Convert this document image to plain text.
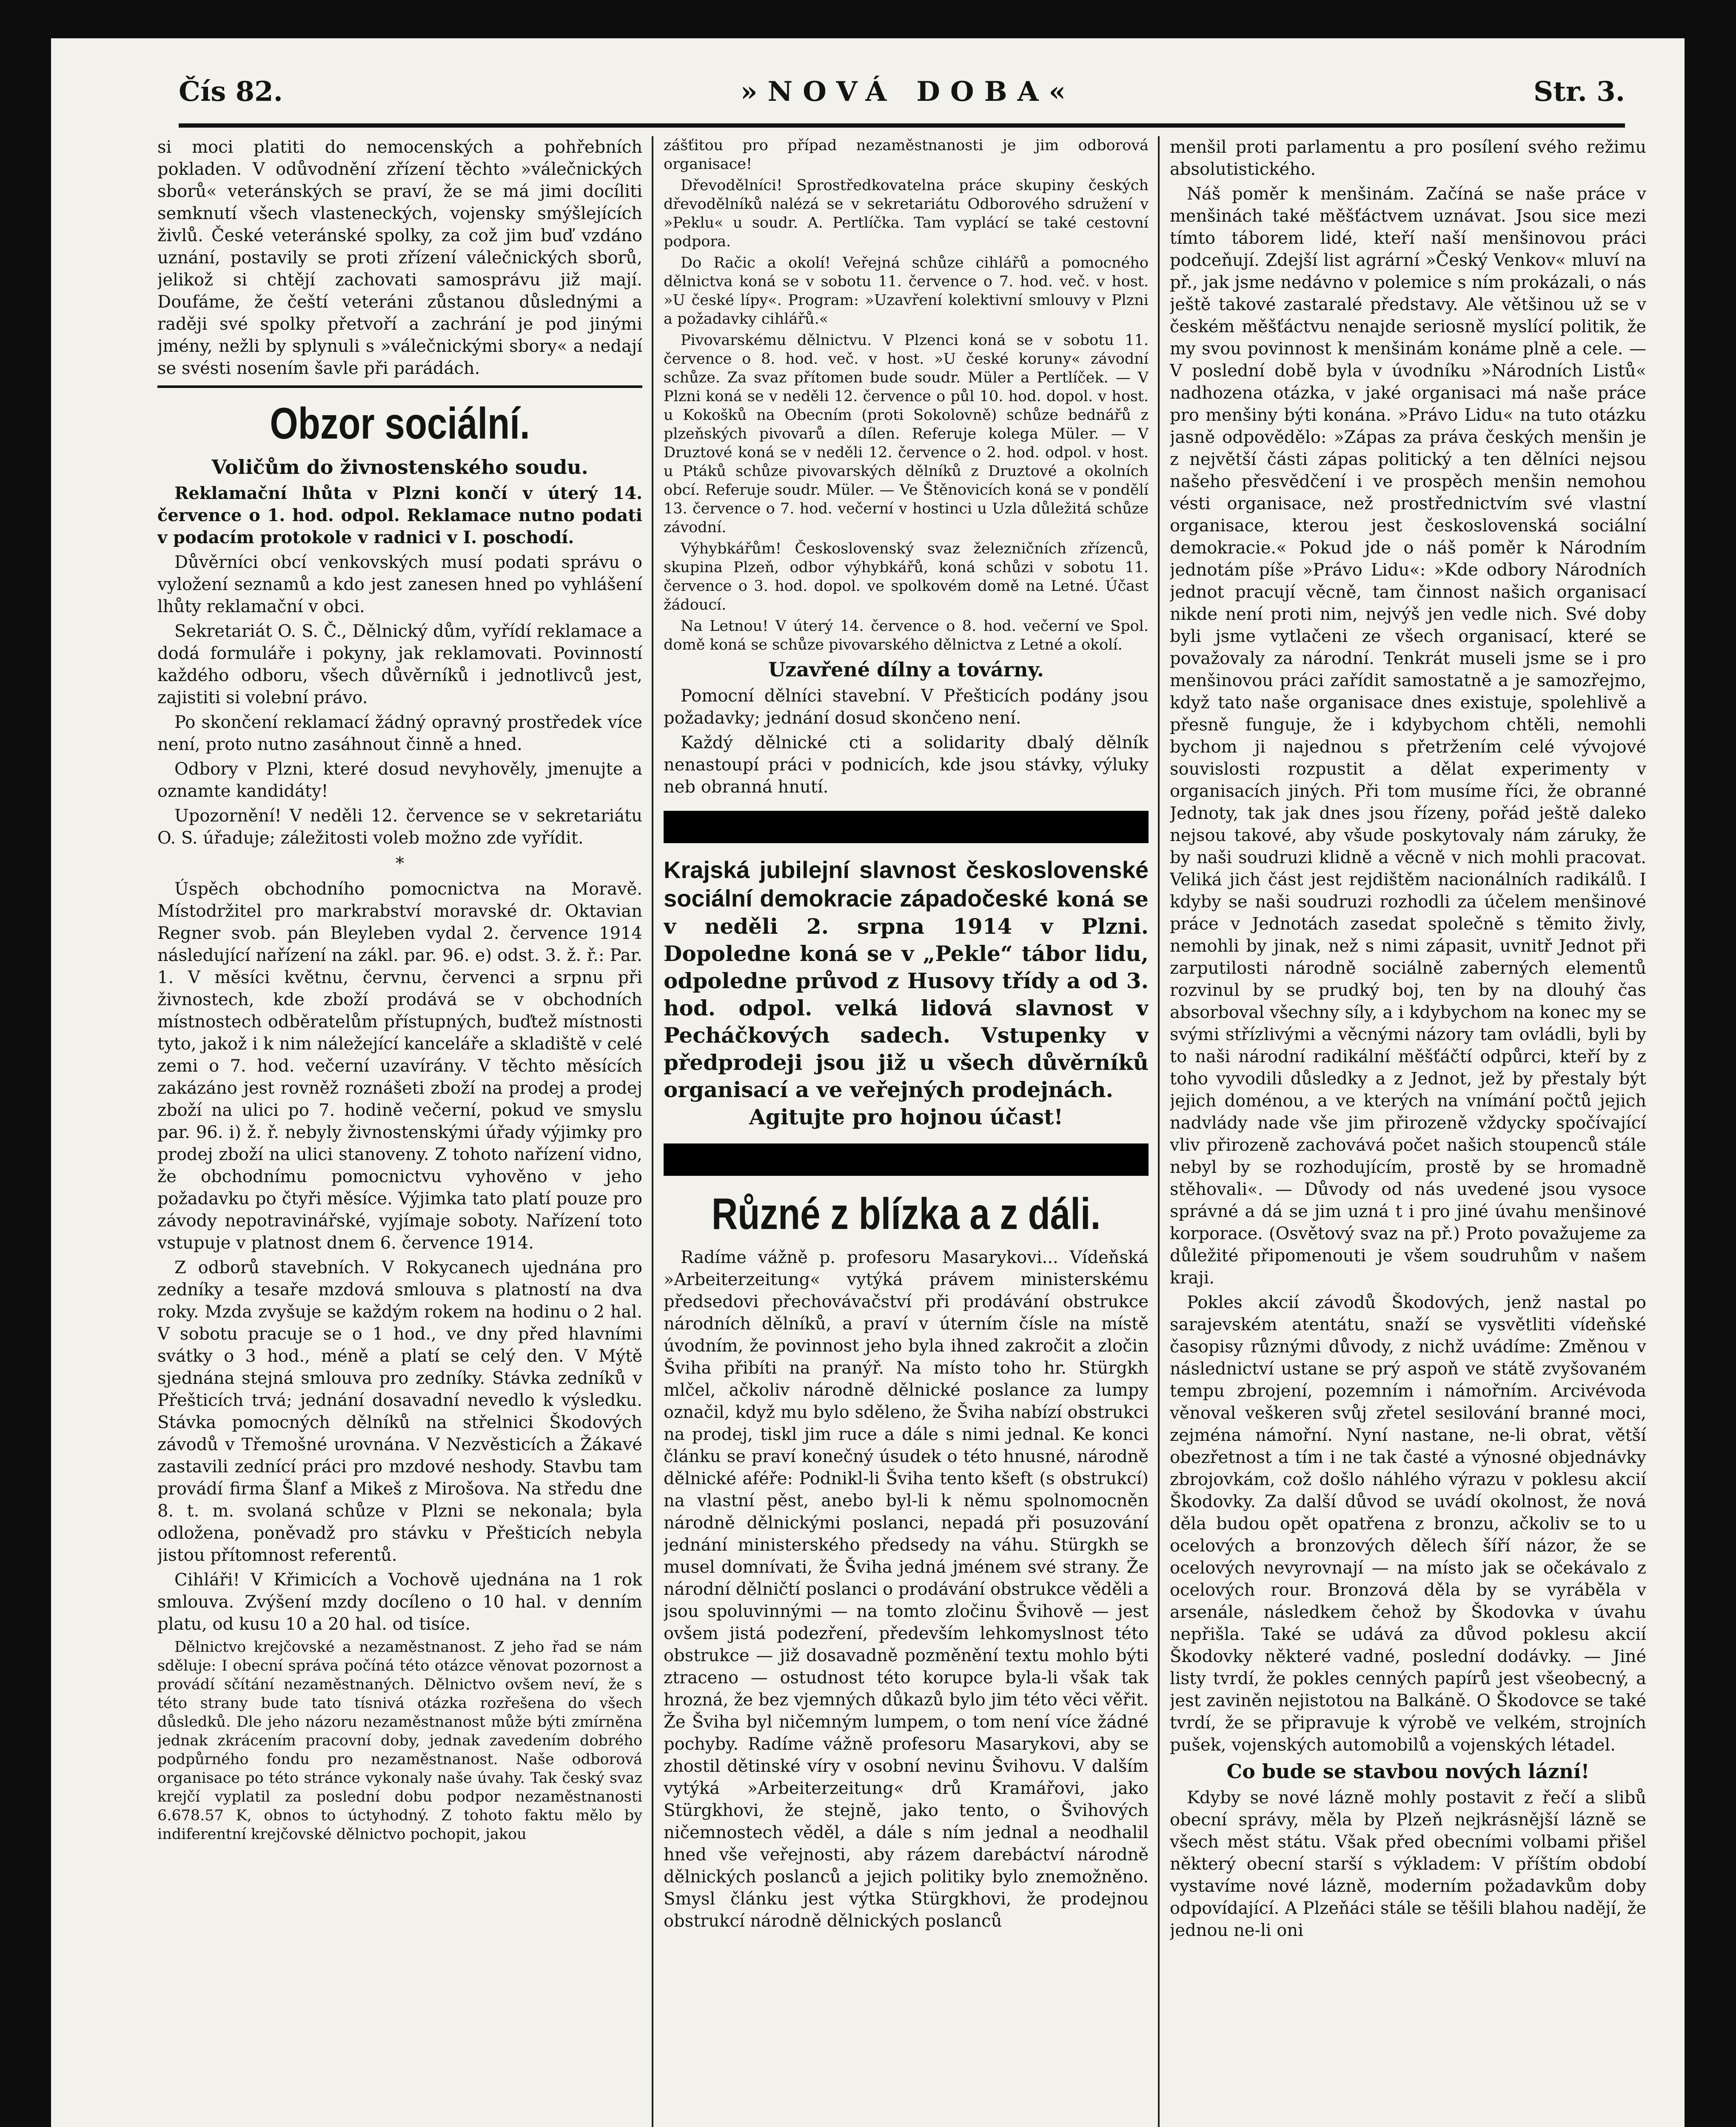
Čís 82.	»NOVÁ DOBA«	Str. 3.

si moci platiti do nemocenských a pohřebních pokladen. V odůvodnění zřízení těchto »válečnických sborů« veteránských se praví, že se má jimi docíliti semknutí všech vlasteneckých, vojensky smýšlejících živlů. České veteránské spolky, za což jim buď vzdáno uznání, postavily se proti zřízení válečnických sborů, jelikož si chtějí zachovati samosprávu již mají. Doufáme, že čeští veteráni zůstanou důslednými a raději své spolky přetvoří a zachrání je pod jinými jmény, nežli by splynuli s »válečnickými sbory« a nedají se svésti nosením šavle při parádách.

Obzor sociální.
Voličům do živnostenského soudu.

Reklamační lhůta v Plzni končí v úterý 14. července o 1. hod. odpol. Reklamace nutno podati v podacím protokole v radnici v I. poschodí.

Důvěrníci obcí venkovských musí podati správu o vyložení seznamů a kdo jest zanesen hned po vyhlášení lhůty reklamační v obci.

Sekretariát O. S. Č., Dělnický dům, vyřídí reklamace a dodá formuláře i pokyny, jak reklamovati. Povinností každého odboru, všech důvěrníků i jednotlivců jest, zajistiti si volební právo.

Po skončení reklamací žádný opravný prostředek více není, proto nutno zasáhnout činně a hned.

Odbory v Plzni, které dosud nevyhověly, jmenujte a oznamte kandidáty!

Upozornění! V neděli 12. července se v sekretariátu O. S. úřaduje; záležitosti voleb možno zde vyřídit.

*

Úspěch obchodního pomocnictva na Moravě. Místodržitel pro markrabství moravské dr. Oktavian Regner svob. pán Bleyleben vydal 2. července 1914 následující nařízení na zákl. par. 96. e) odst. 3. ž. ř.: Par. 1. V měsíci květnu, červnu, červenci a srpnu při živnostech, kde zboží prodává se v obchodních místnostech odběratelům přístupných, buďtež místnosti tyto, jakož i k nim náležející kanceláře a skladiště v celé zemi o 7. hod. večerní uzavírány. V těchto měsících zakázáno jest rovněž roznášeti zboží na prodej a prodej zboží na ulici po 7. hodině večerní, pokud ve smyslu par. 96. i) ž. ř. nebyly živnostenskými úřady výjimky pro prodej zboží na ulici stanoveny. Z tohoto nařízení vidno, že obchodnímu pomocnictvu vyhověno v jeho požadavku po čtyři měsíce. Výjimka tato platí pouze pro závody nepotravinářské, vyjímaje soboty. Nařízení toto vstupuje v platnost dnem 6. července 1914.

Z odborů stavebních. V Rokycanech ujednána pro zedníky a tesaře mzdová smlouva s platností na dva roky. Mzda zvyšuje se každým rokem na hodinu o 2 hal. V sobotu pracuje se o 1 hod., ve dny před hlavními svátky o 3 hod., méně a platí se celý den. V Mýtě sjednána stejná smlouva pro zedníky. Stávka zedníků v Přešticích trvá; jednání dosavadní nevedlo k výsledku. Stávka pomocných dělníků na střelnici Škodových závodů v Třemošné urovnána. V Nezvěsticích a Žákavé zastavili zednící práci pro mzdové neshody. Stavbu tam provádí firma Šlanf a Mikeš z Mirošova. Na středu dne 8. t. m. svolaná schůze v Plzni se nekonala; byla odložena, poněvadž pro stávku v Přešticích nebyla jistou přítomnost referentů.

Cihláři! V Křimicích a Vochově ujednána na 1 rok smlouva. Zvýšení mzdy docíleno o 10 hal. v denním platu, od kusu 10 a 20 hal. od tisíce.

Dělnictvo krejčovské a nezaměstnanost. Z jeho řad se nám sděluje: I obecní správa počíná této otázce věnovat pozornost a provádí sčítání nezaměstnaných. Dělnictvo ovšem neví, že s této strany bude tato tísnivá otázka rozřešena do všech důsledků. Dle jeho názoru nezaměstnanost může býti zmírněna jednak zkrácením pracovní doby, jednak zavedením dobrého podpůrného fondu pro nezaměstnanost. Naše odborová organisace po této stránce vykonaly naše úvahy. Tak český svaz krejčí vyplatil za poslední dobu podpor nezaměstnanosti 6.678.57 K, obnos to úctyhodný. Z tohoto faktu mělo by indiferentní krejčovské dělnictvo pochopit, jakou

zášťitou pro případ nezaměstnanosti je jim odborová organisace!

Dřevodělníci! Sprostředkovatelna práce skupiny českých dřevodělníků nalézá se v sekretariátu Odborového sdružení v »Peklu« u soudr. A. Pertlíčka. Tam vyplácí se také cestovní podpora.

Do Račic a okolí! Veřejná schůze cihlářů a pomocného dělnictva koná se v sobotu 11. července o 7. hod. več. v host. »U české lípy«. Program: »Uzavření kolektivní smlouvy v Plzni a požadavky cihlářů.«

Pivovarskému dělnictvu. V Plzenci koná se v sobotu 11. července o 8. hod. več. v host. »U české koruny« závodní schůze. Za svaz přítomen bude soudr. Müler a Pertlíček. — V Plzni koná se v neděli 12. července o půl 10. hod. dopol. v host. u Kokošků na Obecním (proti Sokolovně) schůze bednářů z plzeňských pivovarů a dílen. Referuje kolega Müler. — V Druztové koná se v neděli 12. července o 2. hod. odpol. v host. u Ptáků schůze pivovarských dělníků z Druztové a okolních obcí. Referuje soudr. Müler. — Ve Štěnovicích koná se v pondělí 13. července o 7. hod. večerní v hostinci u Uzla důležitá schůze závodní.

Výhybkářům! Československý svaz železničních zřízenců, skupina Plzeň, odbor výhybkářů, koná schůzi v sobotu 11. července o 3. hod. dopol. ve spolkovém domě na Letné. Účast žádoucí.

Na Letnou! V úterý 14. července o 8. hod. večerní ve Spol. domě koná se schůze pivovarského dělnictva z Letné a okolí.

Uzavřené dílny a továrny.

Pomocní dělníci stavební. V Přešticích podány jsou požadavky; jednání dosud skončeno není.

Každý dělnické cti a solidarity dbalý dělník nenastoupí práci v podnicích, kde jsou stávky, výluky neb obranná hnutí.

Krajská jubilejní slavnost československé sociální demokracie západočeské koná se v neděli 2. srpna 1914 v Plzni. Dopoledne koná se v „Pekle“ tábor lidu, odpoledne průvod z Husovy třídy a od 3. hod. odpol. velká lidová slavnost v Pecháčkových sadech. Vstupenky v předprodeji jsou již u všech důvěrníků organisací a ve veřejných prodejnách.
Agitujte pro hojnou účast!
Různé z blízka a z dáli.

Radíme vážně p. profesoru Masarykovi... Vídeňská »Arbeiterzeitung« vytýká právem ministerskému předsedovi přechovávačství při prodávání obstrukce národních dělníků, a praví v úterním čísle na místě úvodním, že povinnost jeho byla ihned zakročit a zločin Šviha přibíti na pranýř. Na místo toho hr. Stürgkh mlčel, ačkoliv národně dělnické poslance za lumpy označil, když mu bylo sděleno, že Šviha nabízí obstrukci na prodej, tiskl jim ruce a dále s nimi jednal. Ke konci článku se praví konečný úsudek o této hnusné, národně dělnické aféře: Podnikl-li Šviha tento kšeft (s obstrukcí) na vlastní pěst, anebo byl-li k němu spolnomocněn národně dělnickými poslanci, nepadá při posuzování jednání ministerského předsedy na váhu. Stürgkh se musel domnívati, že Šviha jedná jménem své strany. Že národní dělničtí poslanci o prodávání obstrukce věděli a jsou spoluvinnými — na tomto zločinu Švihově — jest ovšem jistá podezření, především lehkomyslnost této obstrukce — již dosavadně pozměnění textu mohlo býti ztraceno — ostudnost této korupce byla-li však tak hrozná, že bez vjemných důkazů bylo jim této věci věřit. Že Šviha byl ničemným lumpem, o tom není více žádné pochyby. Radíme vážně profesoru Masarykovi, aby se zhostil dětinské víry v osobní nevinu Švihovu. V dalším vytýká »Arbeiterzeitung« drů Kramářovi, jako Stürgkhovi, že stejně, jako tento, o Švihových ničemnostech věděl, a dále s ním jednal a neodhalil hned vše veřejnosti, aby rázem darebáctví národně dělnických poslanců a jejich politiky bylo znemožněno. Smysl článku jest výtka Stürgkhovi, že prodejnou obstrukcí národně dělnických poslanců

menšil proti parlamentu a pro posílení svého režimu absolutistického.

Náš poměr k menšinám. Začíná se naše práce v menšinách také měšťáctvem uznávat. Jsou sice mezi tímto táborem lidé, kteří naší menšinovou práci podceňují. Zdejší list agrární »Český Venkov« mluví na př., jak jsme nedávno v polemice s ním prokázali, o nás ještě takové zastaralé představy. Ale většinou už se v českém měšťáctvu nenajde seriosně myslící politik, že my svou povinnost k menšinám konáme plně a cele. — V poslední době byla v úvodníku »Národních Listů« nadhozena otázka, v jaké organisaci má naše práce pro menšiny býti konána. »Právo Lidu« na tuto otázku jasně odpovědělo: »Zápas za práva českých menšin je z největší části zápas politický a ten dělníci nejsou našeho přesvědčení i ve prospěch menšin nemohou vésti organisace, než prostřednictvím své vlastní organisace, kterou jest československá sociální demokracie.« Pokud jde o náš poměr k Národním jednotám píše »Právo Lidu«: »Kde odbory Národních jednot pracují věcně, tam činnost našich organisací nikde není proti nim, nejvýš jen vedle nich. Své doby byli jsme vytlačeni ze všech organisací, které se považovaly za národní. Tenkrát museli jsme se i pro menšinovou práci zařídit samostatně a je samozřejmo, když tato naše organisace dnes existuje, spolehlivě a přesně funguje, že i kdybychom chtěli, nemohli bychom ji najednou s přetržením celé vývojové souvislosti rozpustit a dělat experimenty v organisacích jiných. Při tom musíme říci, že obranné Jednoty, tak jak dnes jsou řízeny, pořád ještě daleko nejsou takové, aby všude poskytovaly nám záruky, že by naši soudruzi klidně a věcně v nich mohli pracovat. Veliká jich část jest rejdištěm nacionálních radikálů. I kdyby se naši soudruzi rozhodli za účelem menšinové práce v Jednotách zasedat společně s těmito živly, nemohli by jinak, než s nimi zápasit, uvnitř Jednot při zarputilosti národně sociálně zaberných elementů rozvinul by se prudký boj, ten by na dlouhý čas absorboval všechny síly, a i kdybychom na konec my se svými střízlivými a věcnými názory tam ovládli, byli by to naši národní radikální měšťáčtí odpůrci, kteří by z toho vyvodili důsledky a z Jednot, jež by přestaly být jejich doménou, a ve kterých na vnímání počtů jejich nadvlády nade vše jim přirozeně vždycky spočívající vliv přirozeně zachovává počet našich stoupenců stále nebyl by se rozhodujícím, prostě by se hromadně stěhovali«. — Důvody od nás uvedené jsou vysoce správné a dá se jim uzná t i pro jiné úvahu menšinové korporace. (Osvětový svaz na př.) Proto považujeme za důležité připomenouti je všem soudruhům v našem kraji.

Pokles akcií závodů Škodových, jenž nastal po sarajevském atentátu, snaží se vysvětliti vídeňské časopisy různými důvody, z nichž uvádíme: Změnou v následnictví ustane se prý aspoň ve státě zvyšovaném tempu zbrojení, pozemním i námořním. Arcivévoda věnoval veškeren svůj zřetel sesilování branné moci, zejména námořní. Nyní nastane, ne-li obrat, větší obezřetnost a tím i ne tak časté a výnosné objednávky zbrojovkám, což došlo náhlého výrazu v poklesu akcií Škodovky. Za další důvod se uvádí okolnost, že nová děla budou opět opatřena z bronzu, ačkoliv se to u ocelových a bronzových dělech šíří názor, že se ocelových nevyrovnají — na místo jak se očekávalo z ocelových rour. Bronzová děla by se vyráběla v arsenále, následkem čehož by Škodovka v úvahu nepřišla. Také se udává za důvod poklesu akcií Škodovky některé vadné, poslední dodávky. — Jiné listy tvrdí, že pokles cenných papírů jest všeobecný, a jest zaviněn nejistotou na Balkáně. O Škodovce se také tvrdí, že se připravuje k výrobě ve velkém, strojních pušek, vojenských automobilů a vojenských létadel.

Co bude se stavbou nových lázní!

Kdyby se nové lázně mohly postavit z řečí a slibů obecní správy, měla by Plzeň nejkrásnější lázně se všech měst státu. Však před obecními volbami přišel některý obecní starší s výkladem: V příštím období vystavíme nové lázně, moderním požadavkům doby odpovídající. A Plzeňáci stále se těšili blahou nadějí, že jednou ne-li oni
